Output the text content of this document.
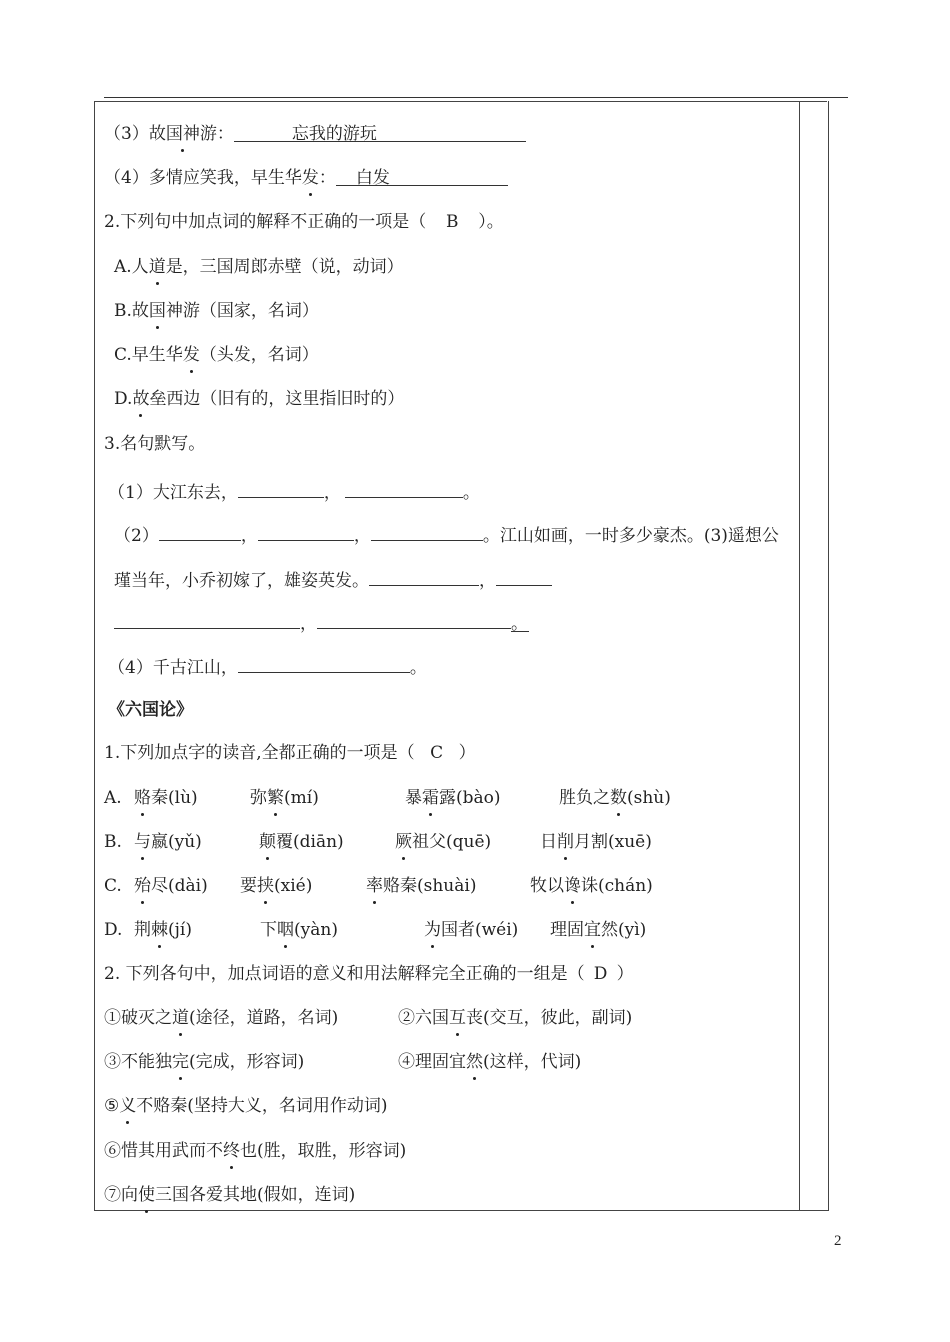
（3）故国神游：	忘我的游玩
（4）多情应笑我，早生华发： 白发
2.下列句中加点词的解释不正确的一项是（ B ）。
A.人道是，三国周郎赤壁（说，动词）
B.故国神游（国家，名词）
C.早生华发（头发，名词）
D.故垒西边（旧有的，这里指旧时的）
3.名句默写。
（1）大江东去，	，	。
（2）	，	，	。江山如画，一时多少豪杰。(3)遥想公
瑾当年，小乔初嫁了，雄姿英发。	，
，	。
（4）千古江山，	。
《六国论》
1.下列加点字的读音,全都正确的一项是（ C ）
A. 赂秦(lù)	弥繁(mí)	暴霜露(bào)	胜负之数(shù)
B. 与嬴(yǔ)	颠覆(diān)	厥祖父(quē)	日削月割(xuē)
C. 殆尽(dài) 要挟(xié)	率赂秦(shuài)	牧以谗诛(chán)
D. 荆棘(jí)	下咽(yàn)	为国者(wéi) 理固宜然(yì)
2. 下列各句中，加点词语的意义和用法解释完全正确的一组是（ D ）
①破灭之道(途径，道路，名词)	②六国互丧(交互，彼此，副词)
③不能独完(完成，形容词)	④理固宜然(这样，代词)
⑤义不赂秦(坚持大义，名词用作动词)
⑥惜其用武而不终也(胜，取胜，形容词)
⑦向使三国各爱其地(假如，连词)
2
